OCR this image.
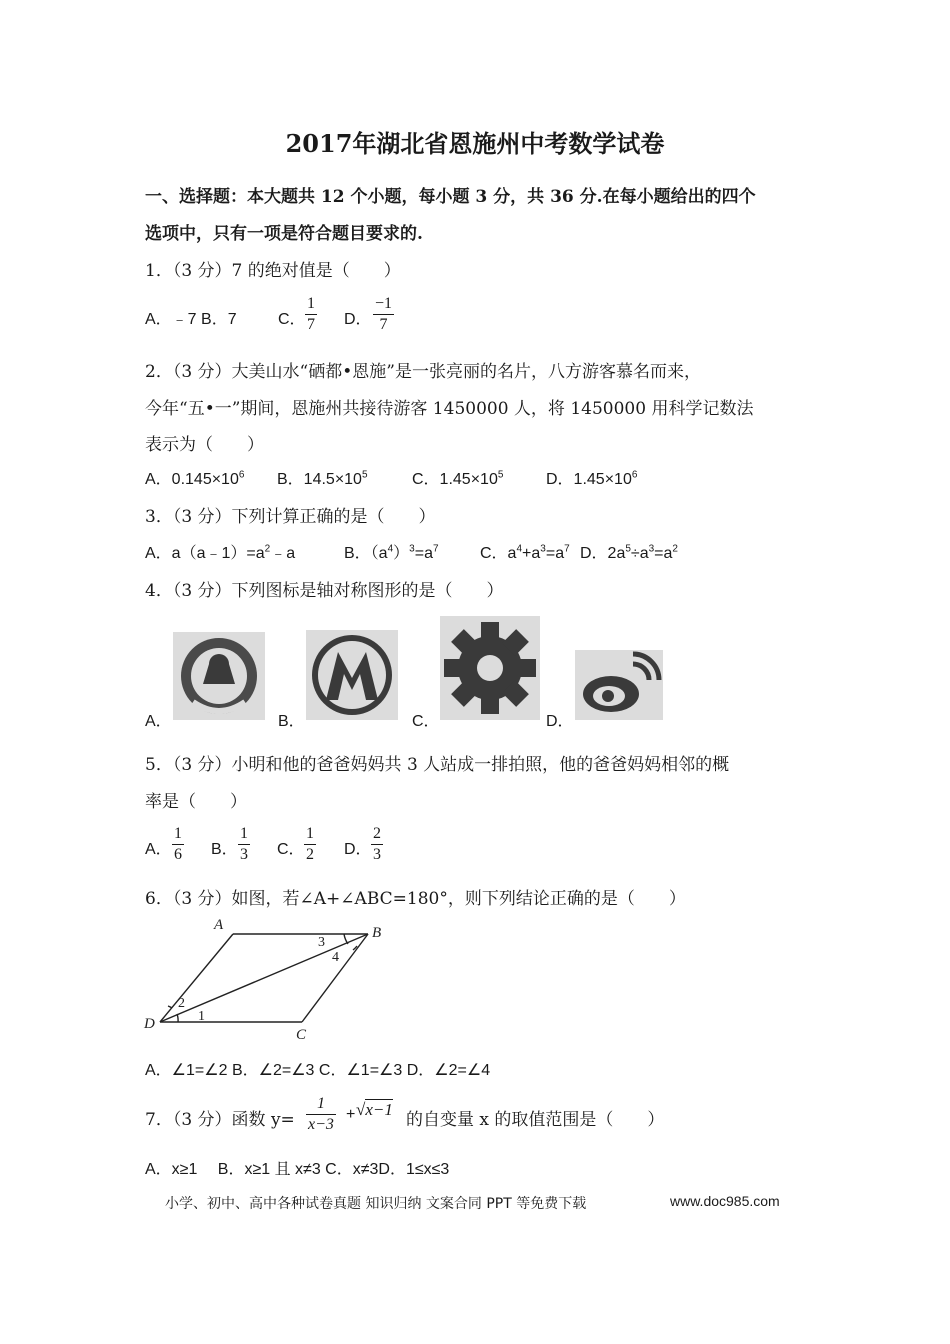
2017年湖北省恩施州中考数学试卷
一、选择题：本大题共 12 个小题，每小题 3 分，共 36 分.在每小题给出的四个
选项中，只有一项是符合题目要求的.
1．（3 分）7 的绝对值是（　　）
A．﹣7 B．7	C． $\frac{1}{7}$ D． $\frac{-1}{7}$
2．（3 分）大美山水“硒都•恩施”是一张亮丽的名片，八方游客慕名而来，
今年“五•一”期间，恩施州共接待游客 1450000 人，将 1450000 用科学记数法
表示为（　　）
A．$0.145\times 10^6$ B．$14.5\times 10^5$	C．$1.45\times 10^5$	D．$1.45\times 10^6$
3．（3 分）下列计算正确的是（　　）
A．$a(a﹣1)=a^2﹣a$	B．$(a^4)^3=a^7$	C．$a^4+a^3=a^7$ D．$2a^5\div a^3=a^2$
4．（3 分）下列图标是轴对称图形的是（　　）
A．	B．	C．	D．
5．（3 分）小明和他的爸爸妈妈共 3 人站成一排拍照，他的爸爸妈妈相邻的概
率是（　　）
A． $\frac{1}{6}$ B． $\frac{1}{3}$ C． $\frac{1}{2}$ D． $\frac{2}{3}$
6．（3 分）如图，若∠A+∠ABC=180°，则下列结论正确的是（　　）
A	B
C
D	1
2
3
4
A．∠1=∠2 B．∠2=∠3 C．∠1=∠3 D．∠2=∠4
7．（3 分）函数 $y= \frac{1}{x-3} + √x-1$
的自变量 x 的取值范围是（　　）
A．x≥1　 B．x≥1 且 x≠3 C．x≠3D．1≤x≤3
小学、初中、高中各种试卷真题 知识归纳 文案合同 PPT 等免费下载	www.doc985.com
